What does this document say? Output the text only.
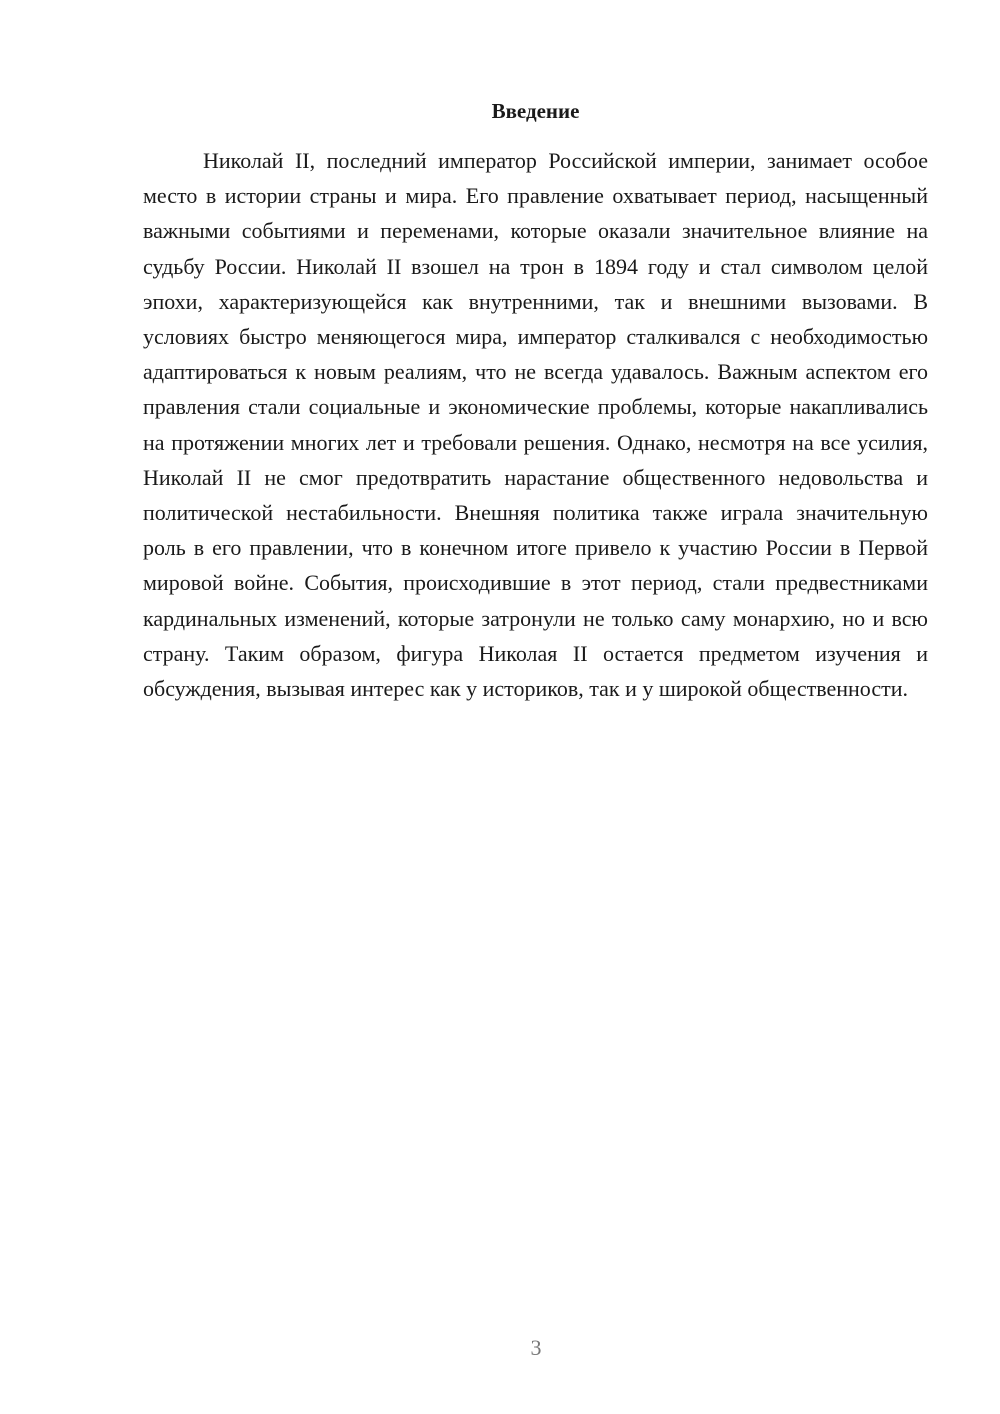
Введение

Николай II, последний император Российской империи, занимает особое место в истории страны и мира. Его правление охватывает период, насыщенный важными событиями и переменами, которые оказали значительное влияние на судьбу России. Николай II взошел на трон в 1894 году и стал символом целой эпохи, характеризующейся как внутренними, так и внешними вызовами. В условиях быстро меняющегося мира, император сталкивался с необходимостью адаптироваться к новым реалиям, что не всегда удавалось. Важным аспектом его правления стали социальные и экономические проблемы, которые накапливались на протяжении многих лет и требовали решения. Однако, несмотря на все усилия, Николай II не смог предотвратить нарастание общественного недовольства и политической нестабильности. Внешняя политика также играла значительную роль в его правлении, что в конечном итоге привело к участию России в Первой мировой войне. События, происходившие в этот период, стали предвестниками кардинальных изменений, которые затронули не только саму монархию, но и всю страну. Таким образом, фигура Николая II остается предметом изучения и обсуждения, вызывая интерес как у историков, так и у широкой общественности.

3
